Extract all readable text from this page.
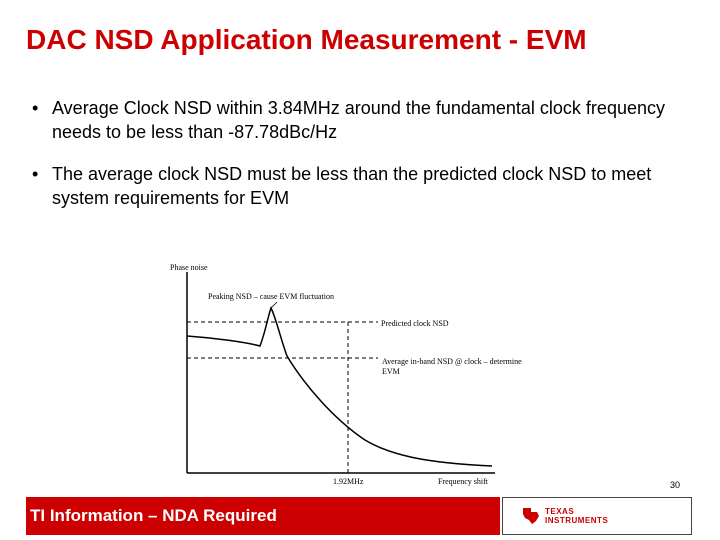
DAC NSD Application Measurement - EVM
• Average Clock NSD within 3.84MHz around the fundamental clock frequency needs to be less than -87.78dBc/Hz
• The average clock NSD must be less than the predicted clock NSD to meet system requirements for EVM
Phase noise
Peaking NSD – cause EVM fluctuation
Predicted clock NSD
Average in-band NSD @ clock – determine
EVM
1.92MHz	Frequency shift	30
TI Information – NDA Required	TEXAS
INSTRUMENTS
